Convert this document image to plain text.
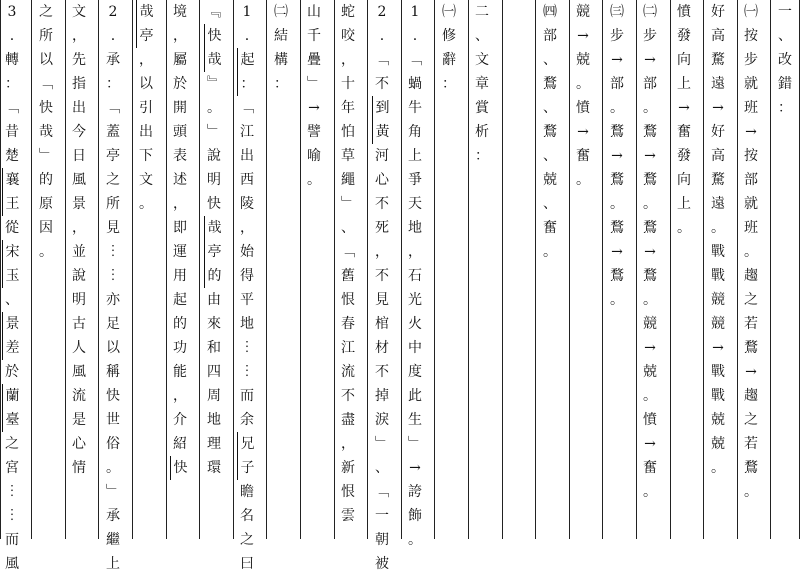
一
、
改
錯
：
㈠
按
步
就
班
→
按
部
就
班
。
趨
之
若
鶩
→
趨
之
若
鶩
。
好
高
騖
遠
→
好
高
騖
遠
。
戰
戰
競
競
→
戰
戰
兢
兢
。
憤
發
向
上
→
奮
發
向
上
。
㈡
步
→
部
。
鶩
→
鶩
。
鶩
→
鶩
。
競
→
兢
。
憤
→
奮
。
㈢
步
→
部
。
鶩
→
鶩
。
鶩
→
鶩
。
競
→
兢
。
憤
→
奮
。
㈣
部
、
鶩
、
鶩
、
兢
、
奮
。
二
、
文
章
賞
析
：
㈠
修
辭
：
1
.
﹁
蝸
牛
角
上
爭
天
地
，
石
光
火
中
度
此
生
﹂
→
誇
飾
。
2
.
﹁
不
到
黃
河
心
不
死
，
不
見
棺
材
不
掉
淚
﹂
、
﹁
一
朝
被
蛇
咬
，
十
年
怕
草
繩
﹂
、
﹁
舊
恨
春
江
流
不
盡
，
新
恨
雲
山
千
疊
﹂
→
譬
喻
。
㈡
結
構
：
1
.
起
：
﹁
江
出
西
陵
，
始
得
平
地
︙
︙
而
余
兄
子
瞻
名
之
曰
﹃
快
哉
﹄
。
﹂
說
明
快
哉
亭
的
由
來
和
四
周
地
理
環
境
，
屬
於
開
頭
表
述
，
即
運
用
起
的
功
能
，
介
紹
快
哉
亭
，
以
引
出
下
文
。
2
.
承
：
﹁
蓋
亭
之
所
見
︙
︙
亦
足
以
稱
快
世
俗
。
﹂
承
繼
上
文
，
先
指
出
今
日
風
景
，
並
說
明
古
人
風
流
是
心
情
之
所
以
﹁
快
哉
﹂
的
原
因
。
3
.
轉
：
﹁
昔
楚
襄
王
從
宋
玉
、
景
差
於
蘭
臺
之
宮
︙
︙
而
風
